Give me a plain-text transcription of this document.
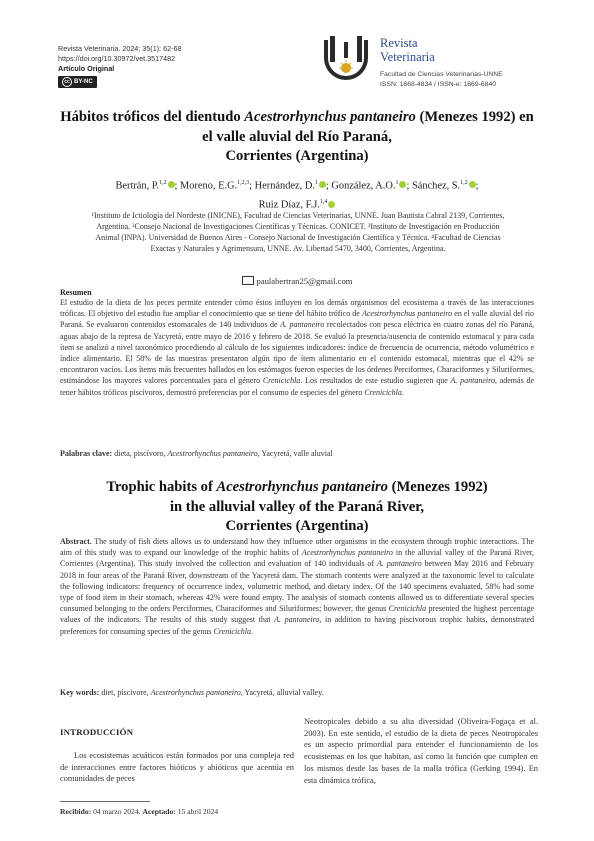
Revista Veterinaria. 2024; 35(1): 62-68
https://doi.org/10.30972/vet.3517482
Artículo Original
cc BY-NC
Revista
Veterinaria
Facultad de Ciencias Veterinarias-UNNE
ISSN: 1668-4834 / ISSN-e: 1669-6840
Hábitos tróficos del dientudo Acestrorhynchus pantaneiro (Menezes 1992) en el valle aluvial del Río Paraná,
Corrientes (Argentina)
Bertrán, P.$^{1,2}$ ; Moreno, E.G.$^{1,2,3}$; Hernández, D.$^1$ ; González, A.O.$^1$ ; Sánchez, S.$^{1,2}$ ;
Ruiz Díaz, F.J.$^{1,4}$
¹Instituto de Ictiología del Nordeste (INICNE), Facultad de Ciencias Veterinarias, UNNE. Juan Bautista Cabral 2139, Corrientes, Argentina. ²Consejo Nacional de Investigaciones Científicas y Técnicas. CONICET. ³Instituto de Investigación en Producción Animal (INPA). Universidad de Buenos Aires - Consejo Nacional de Investigación Científica y Técnica. ⁴Facultad de Ciencias Exactas y Naturales y Agrimensura, UNNE. Av. Libertad 5470, 3400, Corrientes, Argentina.
paulabertran25@gmail.com
Resumen
El estudio de la dieta de los peces permite entender cómo éstos influyen en los demás organismos del ecosistema a través de las interacciones tróficas. El objetivo del estudio fue ampliar el conocimiento que se tiene del hábito trófico de Acestrorhynchus pantaneiro en el valle aluvial del río Paraná. Se evaluaron contenidos estomacales de 140 individuos de A. pantaneiro recolectados con pesca eléctrica en cuatro zonas del río Paraná, aguas abajo de la represa de Yacyretá, entre mayo de 2016 y febrero de 2018. Se evaluó la presencia/ausencia de contenido estomacal y para cada ítem se analizó a nivel taxonómico procediendo al cálculo de los siguientes indicadores: índice de frecuencia de ocurrencia, método volumétrico e índice alimentario. El 58% de las muestras presentaron algún tipo de ítem alimentario en el contenido estomacal, mientras que el 42% se encontraron vacíos. Los ítems más frecuentes hallados en los estómagos fueron especies de los órdenes Perciformes, Characiformes y Siluriformes, estimándose los mayores valores porcentuales para el género Crenicichla. Los resultados de este estudio sugieren que A. pantaneiro, además de tener hábitos tróficos piscívoros, demostró preferencias por el consumo de especies del género Crenicichla.
Palabras clave: dieta, piscívoro, Acestrorhynchus pantaneiro, Yacyretá, valle aluvial
Trophic habits of Acestrorhynchus pantaneiro (Menezes 1992)
in the alluvial valley of the Paraná River,
Corrientes (Argentina)
Abstract. The study of fish diets allows us to understand how they influence other organisms in the ecosystem through trophic interactions. The aim of this study was to expand our knowledge of the trophic habits of Acestrorhynchus pantaneiro in the alluvial valley of the Paraná River, Corrientes (Argentina). This study involved the collection and evaluation of 140 individuals of A. pantaneiro between May 2016 and February 2018 in four areas of the Paraná River, downstream of the Yacyretá dam. The stomach contents were analyzed at the taxonomic level to calculate the following indicators: frequency of occurrence index, volumetric method, and dietary index. Of the 140 specimens evaluated, 58% had some type of food item in their stomach, whereas 42% were found empty. The analysis of stomach contents allowed us to differentiate several species consumed belonging to the orders Perciformes, Characiformes and Siluriformes; however, the genus Crenicichla presented the highest percentage values of the indicators. The results of this study suggest that A. pantaneiro, in addition to having piscivorous trophic habits, demonstrated preferences for consuming species of the genus Crenicichla.
Key words: diet, piscivore, Acestrorhynchus pantaneiro, Yacyretá, alluvial valley.
INTRODUCCIÓN
Los ecosistemas acuáticos están formados por una compleja red de interacciones entre factores bióticos y abióticos que acentúa en comunidades de peces
Neotropicales debido a su alta diversidad (Oliveira-Fogaça et al. 2003). En este sentido, el estudio de la dieta de peces Neotropicales es un aspecto primordial para entender el funcionamiento de los ecosistemas en los que habitan, así como la función que cumplen en los mismos desde las bases de la malla trófica (Gerking 1994). En esta dinámica trófica,
Recibido: 04 marzo 2024. Aceptado: 15 abril 2024
